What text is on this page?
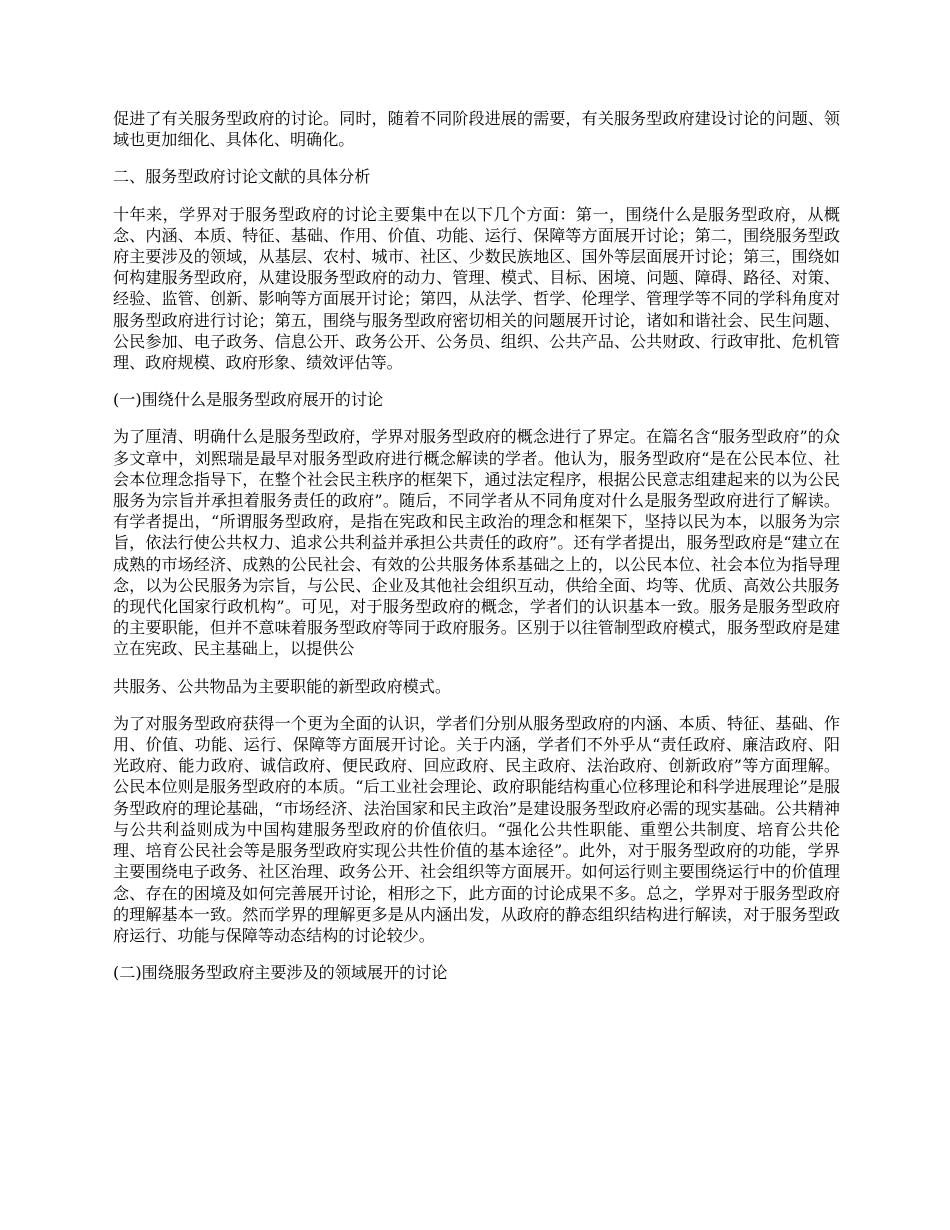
促进了有关服务型政府的讨论。同时，随着不同阶段进展的需要，有关服务型政府建设讨论的问题、领域也更加细化、具体化、明确化。

二、服务型政府讨论文献的具体分析

十年来，学界对于服务型政府的讨论主要集中在以下几个方面：第一，围绕什么是服务型政府，从概念、内涵、本质、特征、基础、作用、价值、功能、运行、保障等方面展开讨论；第二，围绕服务型政府主要涉及的领域，从基层、农村、城市、社区、少数民族地区、国外等层面展开讨论；第三，围绕如何构建服务型政府，从建设服务型政府的动力、管理、模式、目标、困境、问题、障碍、路径、对策、经验、监管、创新、影响等方面展开讨论；第四，从法学、哲学、伦理学、管理学等不同的学科角度对服务型政府进行讨论；第五，围绕与服务型政府密切相关的问题展开讨论，诸如和谐社会、民生问题、公民参加、电子政务、信息公开、政务公开、公务员、组织、公共产品、公共财政、行政审批、危机管理、政府规模、政府形象、绩效评估等。

(一)围绕什么是服务型政府展开的讨论

为了厘清、明确什么是服务型政府，学界对服务型政府的概念进行了界定。在篇名含“服务型政府”的众多文章中，刘熙瑞是最早对服务型政府进行概念解读的学者。他认为，服务型政府“是在公民本位、社会本位理念指导下，在整个社会民主秩序的框架下，通过法定程序，根据公民意志组建起来的以为公民服务为宗旨并承担着服务责任的政府”。随后，不同学者从不同角度对什么是服务型政府进行了解读。有学者提出，“所谓服务型政府，是指在宪政和民主政治的理念和框架下，坚持以民为本，以服务为宗旨，依法行使公共权力、追求公共利益并承担公共责任的政府”。还有学者提出，服务型政府是“建立在成熟的市场经济、成熟的公民社会、有效的公共服务体系基础之上的，以公民本位、社会本位为指导理念，以为公民服务为宗旨，与公民、企业及其他社会组织互动，供给全面、均等、优质、高效公共服务的现代化国家行政机构”。可见，对于服务型政府的概念，学者们的认识基本一致。服务是服务型政府的主要职能，但并不意味着服务型政府等同于政府服务。区别于以往管制型政府模式，服务型政府是建立在宪政、民主基础上，以提供公

共服务、公共物品为主要职能的新型政府模式。

为了对服务型政府获得一个更为全面的认识，学者们分别从服务型政府的内涵、本质、特征、基础、作用、价值、功能、运行、保障等方面展开讨论。关于内涵，学者们不外乎从“责任政府、廉洁政府、阳光政府、能力政府、诚信政府、便民政府、回应政府、民主政府、法治政府、创新政府”等方面理解。公民本位则是服务型政府的本质。“后工业社会理论、政府职能结构重心位移理论和科学进展理论”是服务型政府的理论基础，“市场经济、法治国家和民主政治”是建设服务型政府必需的现实基础。公共精神与公共利益则成为中国构建服务型政府的价值依归。“强化公共性职能、重塑公共制度、培育公共伦理、培育公民社会等是服务型政府实现公共性价值的基本途径”。此外，对于服务型政府的功能，学界主要围绕电子政务、社区治理、政务公开、社会组织等方面展开。如何运行则主要围绕运行中的价值理念、存在的困境及如何完善展开讨论，相形之下，此方面的讨论成果不多。总之，学界对于服务型政府的理解基本一致。然而学界的理解更多是从内涵出发，从政府的静态组织结构进行解读，对于服务型政府运行、功能与保障等动态结构的讨论较少。

(二)围绕服务型政府主要涉及的领域展开的讨论
